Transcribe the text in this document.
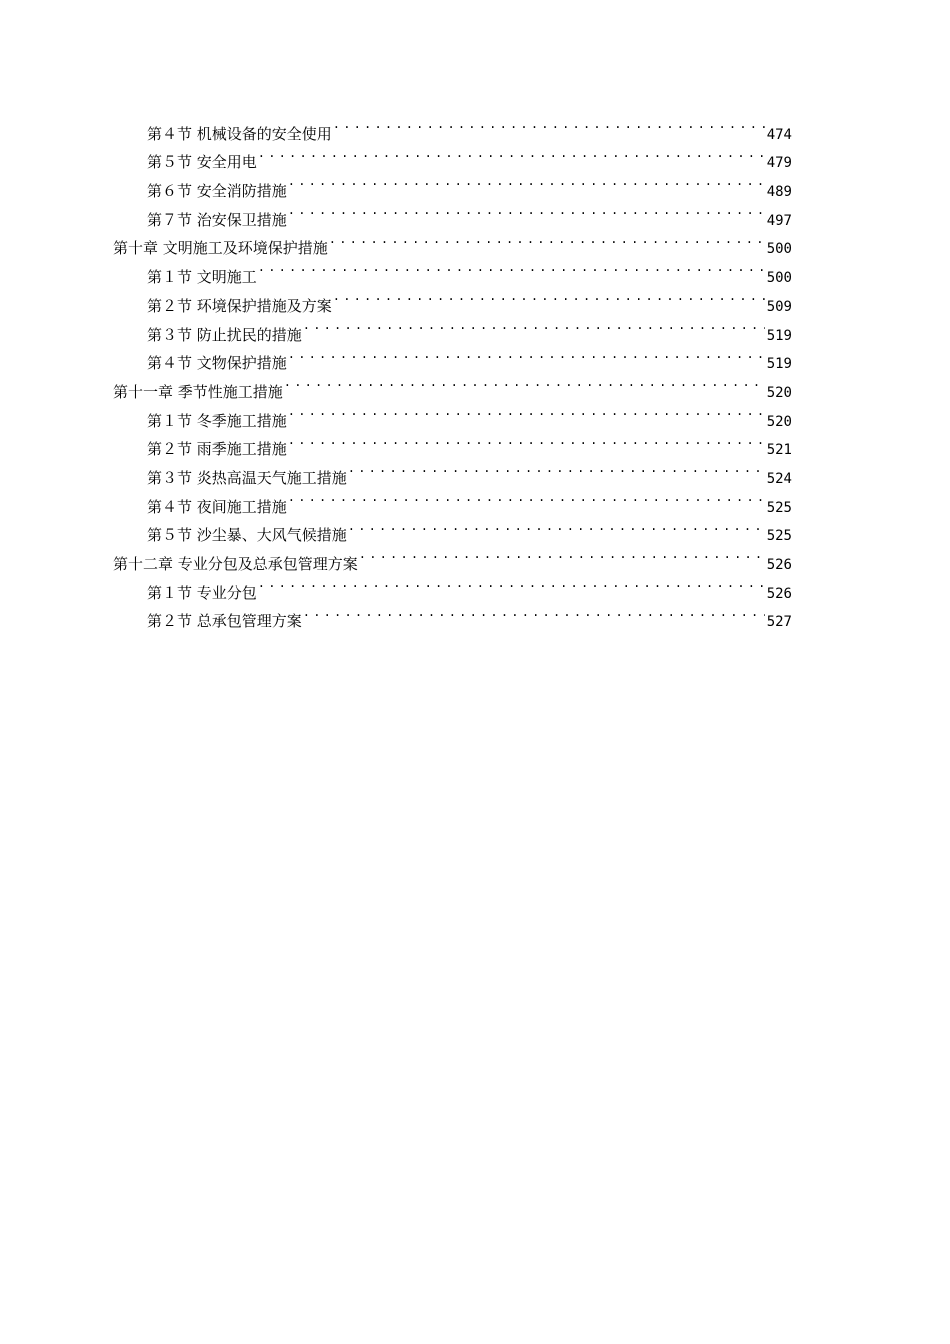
第４节 机械设备的安全使用 .....	474
第５节 安全用电 .....	479
第６节 安全消防措施 .....	489
第７节 治安保卫措施 .....	497
第十章 文明施工及环境保护措施 .....	500
第１节 文明施工 .....	500
第２节 环境保护措施及方案 .....	509
第３节 防止扰民的措施 .....	519
第４节 文物保护措施 .....	519
第十一章 季节性施工措施 .....	520
第１节 冬季施工措施 .....	520
第２节 雨季施工措施 .....	521
第３节 炎热高温天气施工措施 .....	524
第４节 夜间施工措施 .....	525
第５节 沙尘暴、大风气候措施 .....	525
第十二章 专业分包及总承包管理方案 .....	526
第１节 专业分包 .....	526
第２节 总承包管理方案 .....	527
